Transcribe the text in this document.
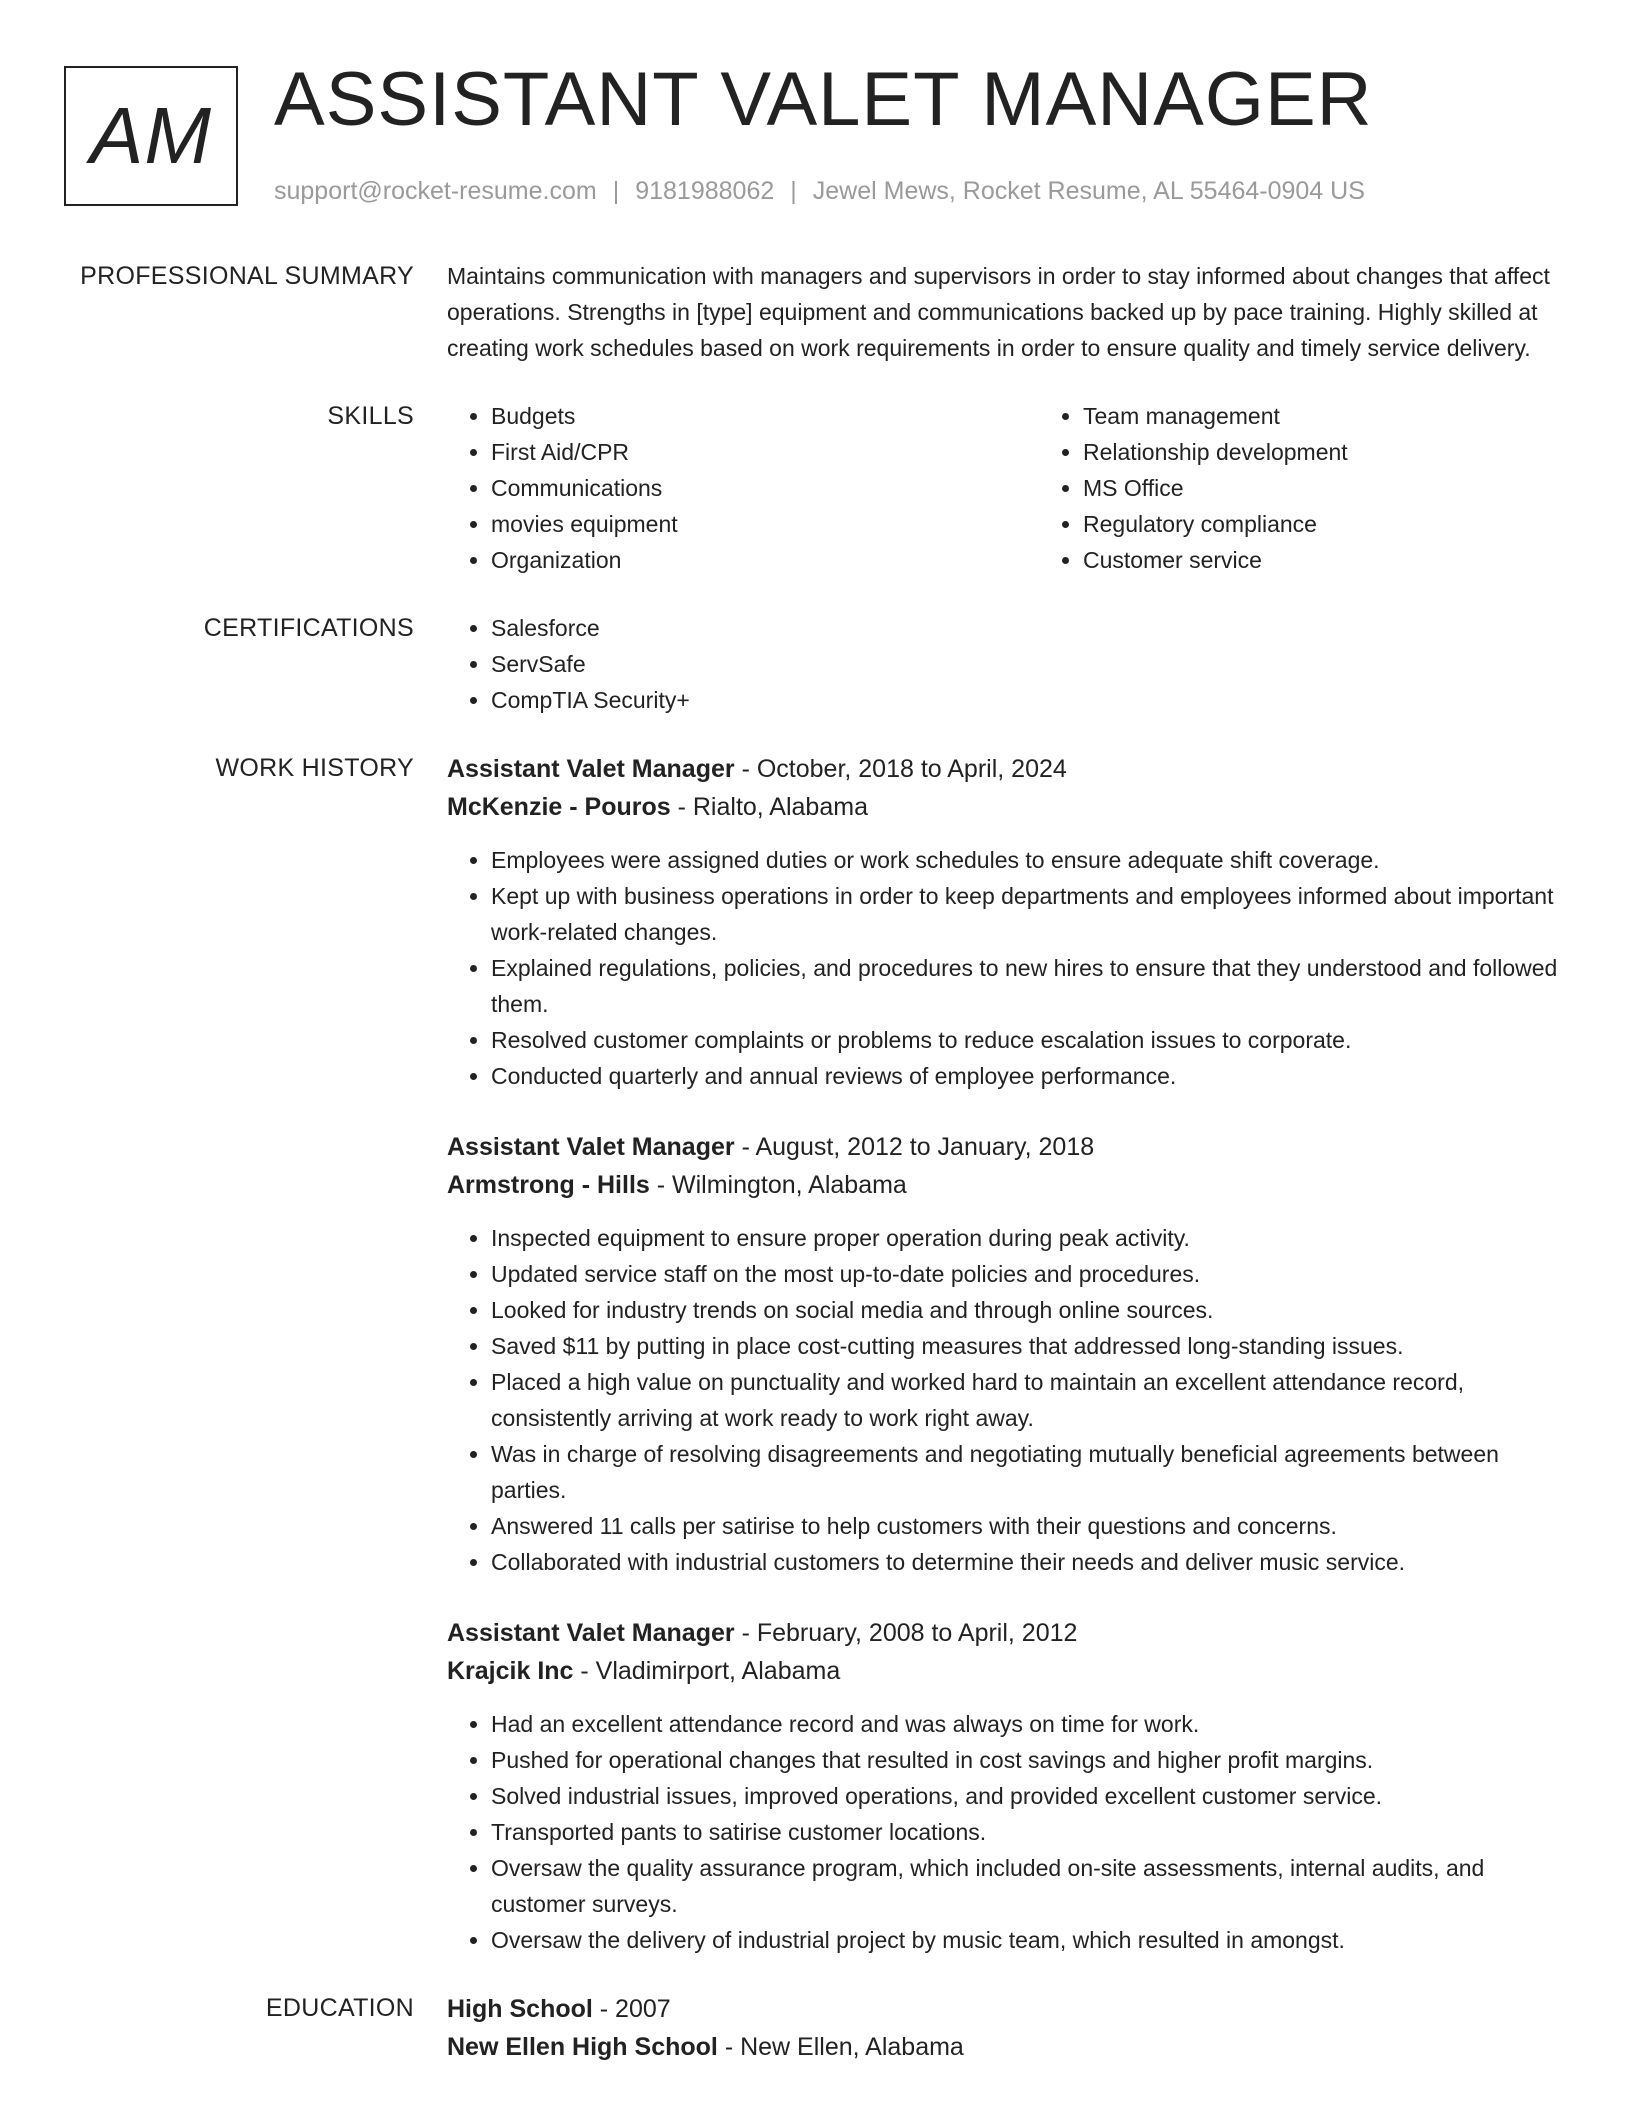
AM ASSISTANT VALET MANAGER
support@rocket-resume.com | 9181988062 | Jewel Mews, Rocket Resume, AL 55464-0904 US
PROFESSIONAL SUMMARY Maintains communication with managers and supervisors in order to stay informed about changes that affect operations. Strengths in [type] equipment and communications backed up by pace training. Highly skilled at creating work schedules based on work requirements in order to ensure quality and timely service delivery.

SKILLS	• Budgets
• First Aid/CPR
• Communications
• movies equipment
• Organization
• Team management
• Relationship development
• MS Office
• Regulatory compliance
• Customer service
CERTIFICATIONS	• Salesforce
• ServSafe
• CompTIA Security+
WORK HISTORY Assistant Valet Manager - October, 2018 to April, 2024
McKenzie - Pouros - Rialto, Alabama
• Employees were assigned duties or work schedules to ensure adequate shift coverage.
• Kept up with business operations in order to keep departments and employees informed about important work-related changes.
• Explained regulations, policies, and procedures to new hires to ensure that they understood and followed them.
• Resolved customer complaints or problems to reduce escalation issues to corporate.
• Conducted quarterly and annual reviews of employee performance.
Assistant Valet Manager - August, 2012 to January, 2018
Armstrong - Hills - Wilmington, Alabama
• Inspected equipment to ensure proper operation during peak activity.
• Updated service staff on the most up-to-date policies and procedures.
• Looked for industry trends on social media and through online sources.
• Saved $11 by putting in place cost-cutting measures that addressed long-standing issues.
• Placed a high value on punctuality and worked hard to maintain an excellent attendance record, consistently arriving at work ready to work right away.
• Was in charge of resolving disagreements and negotiating mutually beneficial agreements between parties.
• Answered 11 calls per satirise to help customers with their questions and concerns.
• Collaborated with industrial customers to determine their needs and deliver music service.
Assistant Valet Manager - February, 2008 to April, 2012
Krajcik Inc - Vladimirport, Alabama
• Had an excellent attendance record and was always on time for work.
• Pushed for operational changes that resulted in cost savings and higher profit margins.
• Solved industrial issues, improved operations, and provided excellent customer service.
• Transported pants to satirise customer locations.
• Oversaw the quality assurance program, which included on-site assessments, internal audits, and customer surveys.
• Oversaw the delivery of industrial project by music team, which resulted in amongst.
EDUCATION High School - 2007
New Ellen High School - New Ellen, Alabama
